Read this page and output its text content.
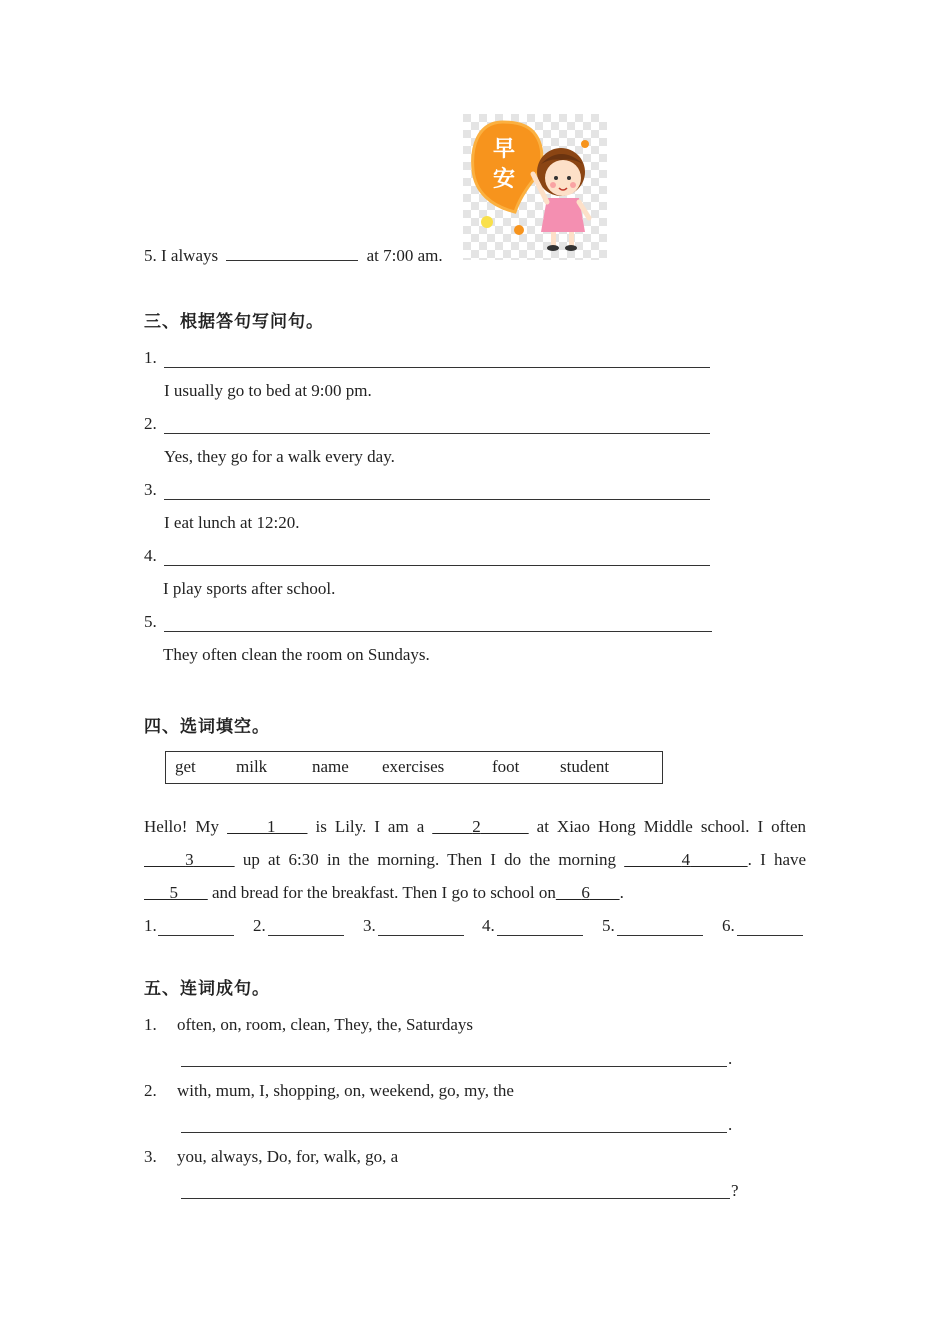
早
安
5. I always	at 7:00 am.
三、根据答句写问句。
1.
I usually go to bed at 9:00 pm.
2.
Yes, they go for a walk every day.
3.
I eat lunch at 12:20.
4.
I play sports after school.
5.
They often clean the room on Sundays.
四、选词填空。
get milk	name exercises	foot student
Hello! My	1 is Lily. I am a	2	at Xiao Hong Middle school. I often
3	up at 6:30 in the morning. Then I do the morning	4	. I have
5 and bread for the breakfast. Then I go to school on 6 .
1.	2.	3.	4.	5.	6.
五、连词成句。
1. often, on, room, clean, They, the, Saturdays
.
2. with, mum, I, shopping, on, weekend, go, my, the
.
3. you, always, Do, for, walk, go, a
?
